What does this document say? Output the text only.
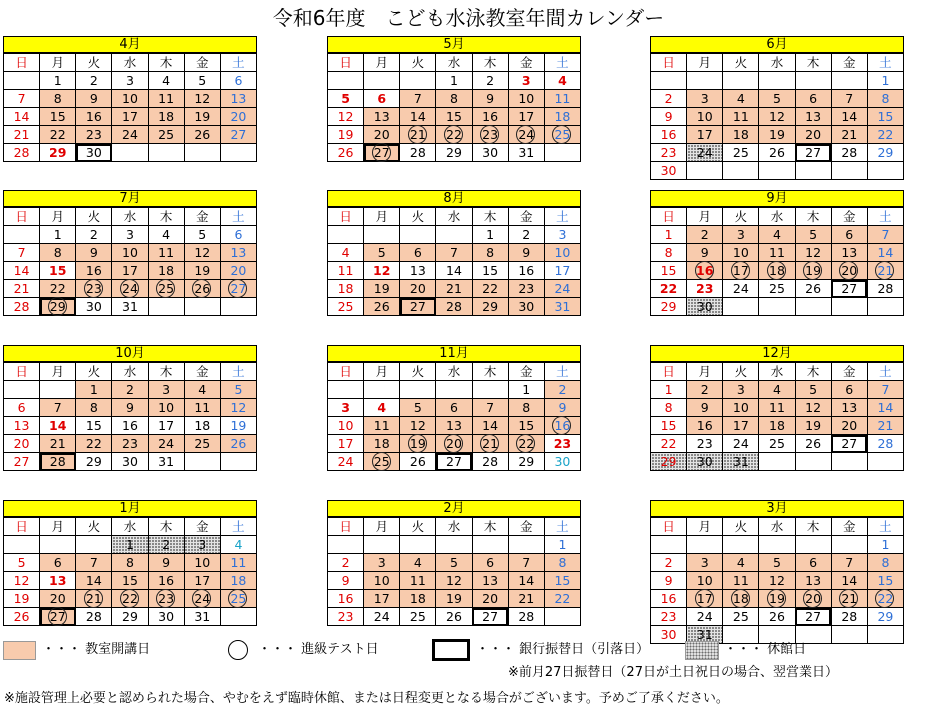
令和6年度　こども水泳教室年間カレンダー
4月
日	月	火	水	木	金	土
	1	2	3	4	5	6
7	8	9	10	11	12	13
14	15	16	17	18	19	20
21	22	23	24	25	26	27
28	29	30				
5月
日	月	火	水	木	金	土
			1	2	3	4
5	6	7	8	9	10	11
12	13	14	15	16	17	18
19	20	21	22	23	24	25

26	27	28	29	30	31	
6月
日	月	火	水	木	金	土
						1
2	3	4	5	6	7	8
9	10	11	12	13	14	15
16	17	18	19	20	21	22
23	24	25	26	27	28	29
30						
7月
日	月	火	水	木	金	土
	1	2	3	4	5	6
7	8	9	10	11	12	13
14	15	16	17	18	19	20
21	22	23	24	25	26	27

28	29	30	31			
8月
日	月	火	水	木	金	土
				1	2	3
4	5	6	7	8	9	10
11	12	13	14	15	16	17
18	19	20	21	22	23	24
25	26	27	28	29	30	31
9月
日	月	火	水	木	金	土
1	2	3	4	5	6	7
8	9	10	11	12	13	14
15	16	17	18	19	20	21

22	23	24	25	26	27	28
29	30					
10月
日	月	火	水	木	金	土
		1	2	3	4	5
6	7	8	9	10	11	12
13	14	15	16	17	18	19
20	21	22	23	24	25	26
27	28	29	30	31		
11月
日	月	火	水	木	金	土
					1	2
3	4	5	6	7	8	9
10	11	12	13	14	15	16

17	18	19	20	21	22	23
24	25	26	27	28	29	30
12月
日	月	火	水	木	金	土
1	2	3	4	5	6	7
8	9	10	11	12	13	14
15	16	17	18	19	20	21
22	23	24	25	26	27	28
29	30	31				
1月
日	月	火	水	木	金	土
			1	2	3	4
5	6	7	8	9	10	11
12	13	14	15	16	17	18
19	20	21	22	23	24	25

26	27	28	29	30	31	
2月
日	月	火	水	木	金	土
						1
2	3	4	5	6	7	8
9	10	11	12	13	14	15
16	17	18	19	20	21	22
23	24	25	26	27	28	
3月
日	月	火	水	木	金	土
						1
2	3	4	5	6	7	8
9	10	11	12	13	14	15
16	17	18	19	20	21	22

23	24	25	26	27	28	29
30	31					
・・・ 教室開講日	・・・ 進級テスト日	・・・ 銀行振替日（引落日）	・・・ 休館日
※前月27日振替日（27日が土日祝日の場合、翌営業日）
※施設管理上必要と認められた場合、やむをえず臨時休館、または日程変更となる場合がございます。予めご了承ください。
